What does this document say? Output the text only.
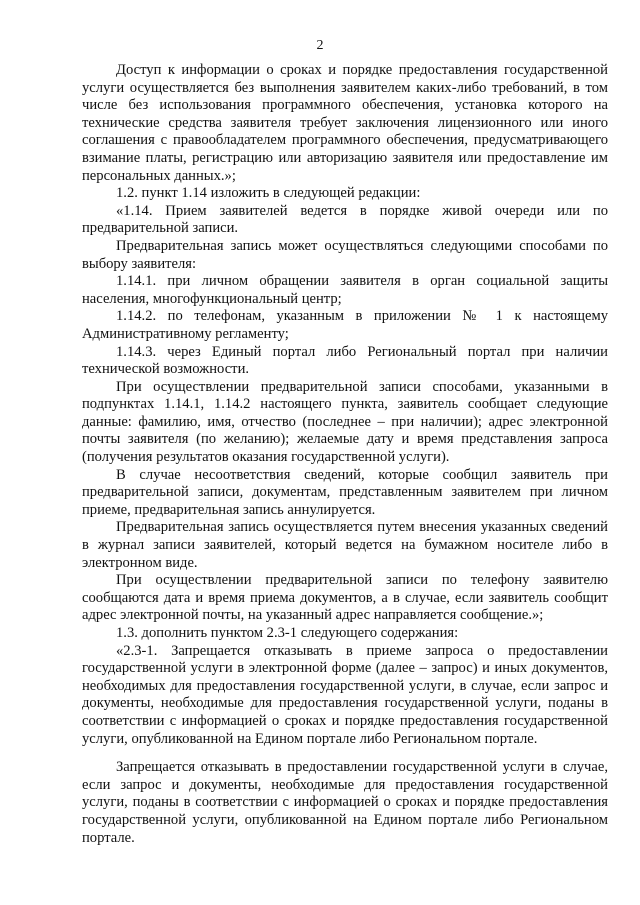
2

Доступ к информации о сроках и порядке предоставления государственной услуги осуществляется без выполнения заявителем каких-либо требований, в том числе без использования программного обеспечения, установка которого на технические средства заявителя требует заключения лицензионного или иного соглашения с правообладателем программного обеспечения, предусматривающего взимание платы, регистрацию или авторизацию заявителя или предоставление им персональных данных.»;

1.2. пункт 1.14 изложить в следующей редакции:

«1.14. Прием заявителей ведется в порядке живой очереди или по предварительной записи.

Предварительная запись может осуществляться следующими способами по выбору заявителя:

1.14.1. при личном обращении заявителя в орган социальной защиты населения, многофункциональный центр;

1.14.2. по телефонам, указанным в приложении № 1 к настоящему Административному регламенту;

1.14.3. через Единый портал либо Региональный портал при наличии технической возможности.

При осуществлении предварительной записи способами, указанными в подпунктах 1.14.1, 1.14.2 настоящего пункта, заявитель сообщает следующие данные: фамилию, имя, отчество (последнее – при наличии); адрес электронной почты заявителя (по желанию); желаемые дату и время представления запроса (получения результатов оказания государственной услуги).

В случае несоответствия сведений, которые сообщил заявитель при предварительной записи, документам, представленным заявителем при личном приеме, предварительная запись аннулируется.

Предварительная запись осуществляется путем внесения указанных сведений в журнал записи заявителей, который ведется на бумажном носителе либо в электронном виде.

При осуществлении предварительной записи по телефону заявителю сообщаются дата и время приема документов, а в случае, если заявитель сообщит адрес электронной почты, на указанный адрес направляется сообщение.»;

1.3. дополнить пунктом 2.3-1 следующего содержания:

«2.3-1. Запрещается отказывать в приеме запроса о предоставлении государственной услуги в электронной форме (далее – запрос) и иных документов, необходимых для предоставления государственной услуги, в случае, если запрос и документы, необходимые для предоставления государственной услуги, поданы в соответствии с информацией о сроках и порядке предоставления государственной услуги, опубликованной на Едином портале либо Региональном портале.

Запрещается отказывать в предоставлении государственной услуги в случае, если запрос и документы, необходимые для предоставления государственной услуги, поданы в соответствии с информацией о сроках и порядке предоставления государственной услуги, опубликованной на Едином портале либо Региональном портале.
